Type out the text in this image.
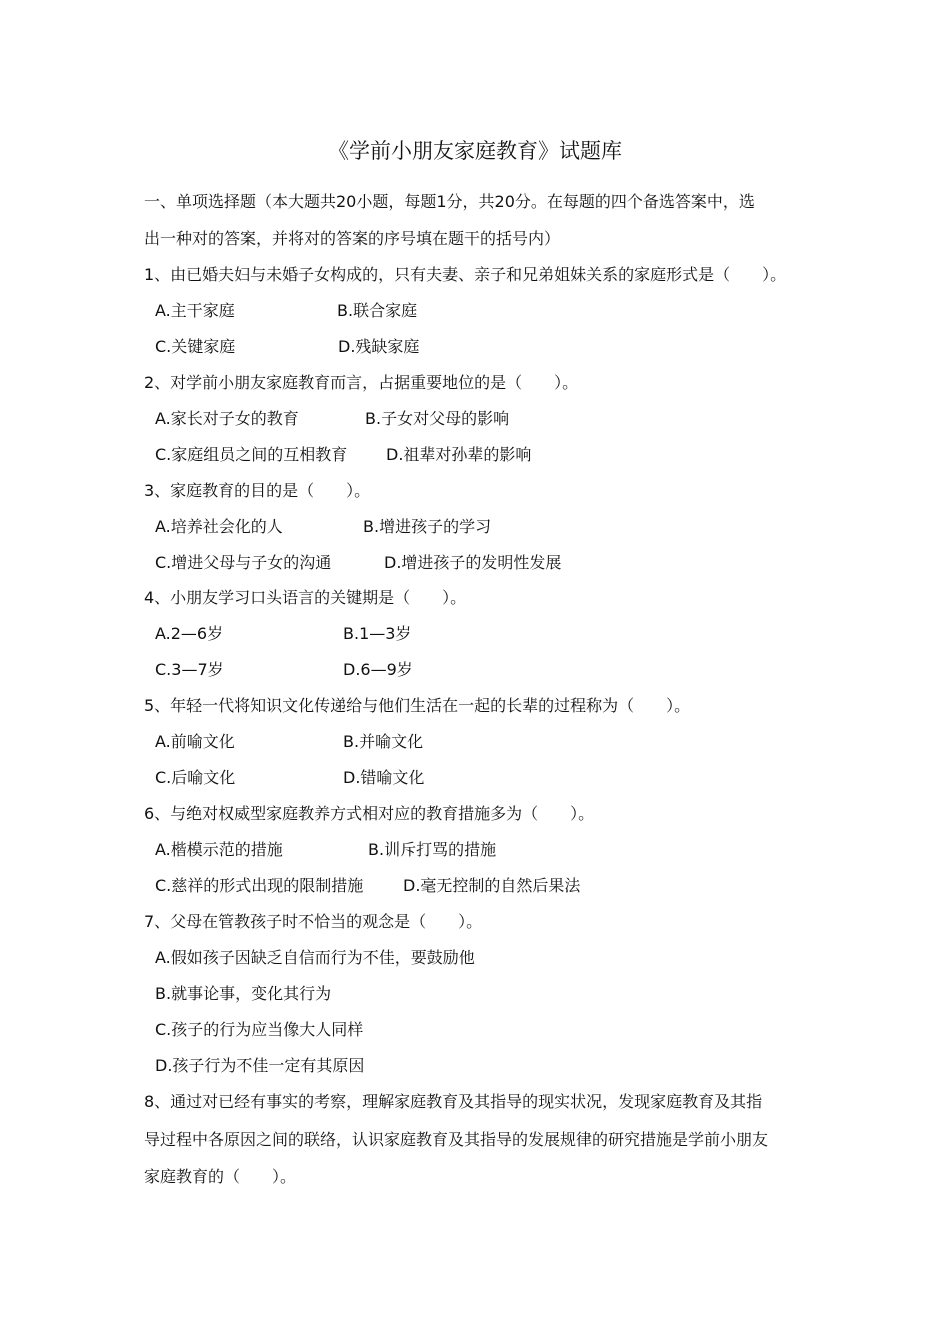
《学前小朋友家庭教育》试题库
一、单项选择题（本大题共20小题，每题1分，共20分。在每题的四个备选答案中，选
出一种对的答案，并将对的答案的序号填在题干的括号内）
1、由已婚夫妇与未婚子女构成的，只有夫妻、亲子和兄弟姐妹关系的家庭形式是（　　）。
A.主干家庭	B.联合家庭
C.关键家庭	D.残缺家庭
2、对学前小朋友家庭教育而言，占据重要地位的是（　　）。
A.家长对子女的教育	B.子女对父母的影响
C.家庭组员之间的互相教育 D.祖辈对孙辈的影响
3、家庭教育的目的是（　　）。
A.培养社会化的人	B.增进孩子的学习
C.增进父母与子女的沟通	D.增进孩子的发明性发展
4、小朋友学习口头语言的关键期是（　　）。
A.2—6岁	B.1—3岁
C.3—7岁	D.6—9岁
5、年轻一代将知识文化传递给与他们生活在一起的长辈的过程称为（　　）。
A.前喻文化	B.并喻文化
C.后喻文化	D.错喻文化
6、与绝对权威型家庭教养方式相对应的教育措施多为（　　）。
A.楷模示范的措施	B.训斥打骂的措施
C.慈祥的形式出现的限制措施 D.毫无控制的自然后果法
7、父母在管教孩子时不恰当的观念是（　　）。
A.假如孩子因缺乏自信而行为不佳，要鼓励他
B.就事论事，变化其行为
C.孩子的行为应当像大人同样
D.孩子行为不佳一定有其原因
8、通过对已经有事实的考察，理解家庭教育及其指导的现实状况，发现家庭教育及其指
导过程中各原因之间的联络，认识家庭教育及其指导的发展规律的研究措施是学前小朋友
家庭教育的（　　）。
